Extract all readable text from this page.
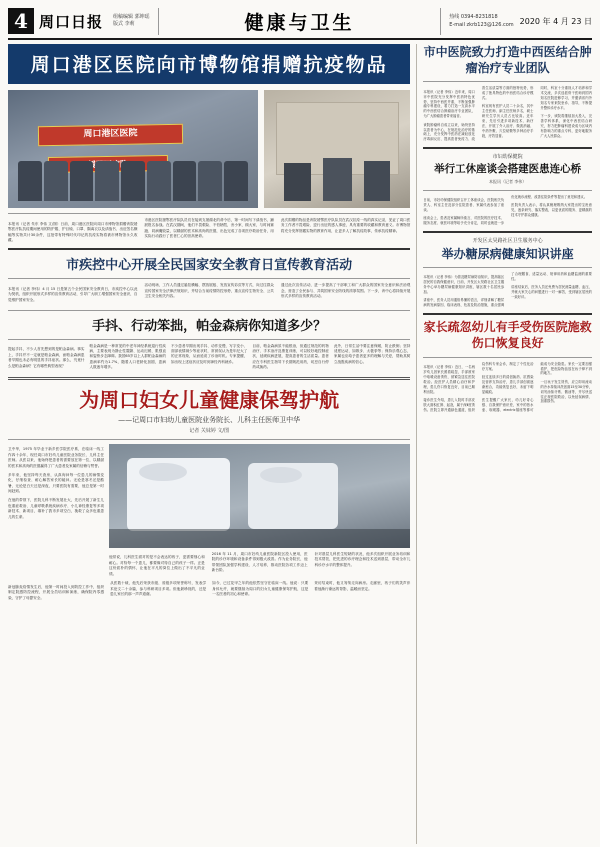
4 周口日报 组稿编辑 郭坤瑶
版式 李莉	健康与卫生	热线 0394-8231818
E-mail zkrb123@126.com 2020 年 4 月 23 日
周口港区医院向市博物馆捐赠抗疫物品
周口港区医院

本报讯（记者 朱东 李伟 文/图）日前，周口港区医院向周口市博物馆捐赠该院援鄂医疗队抗疫期间使用的防护服、护目镜、口罩、隔离衣以及请战书、出征签名横幅等实物共计30余件，这批带有特殊时代印记的抗疫实物将被市博物馆永久收藏。

市港区医院援鄂医疗队队员们在接到支援湖北的命令后，第一时间写下请战书，踊跃报名参战。在武汉期间，他们不畏艰险、不怕牺牲，舍小家、顾大家，与时间赛跑、同病魔较量，以精湛的医术和高尚的医德，出色完成了各项医疗救治任务，用实际行动践行了医者仁心的崇高使命。

此次捐赠的物品是该院援鄂医疗队队员在武汉抗疫一线的真实记录，见证了周口医务工作者不畏艰险、逆行出征的感人事迹，具有重要的收藏和教育意义。市博物馆将充分发挥馆藏实物的教育作用，让更多人了解抗疫故事，传承抗疫精神。

市疾控中心开展全民国家安全教育日宣传教育活动

本报讯（记者 李伟）4 月 15 日是第五个全民国家安全教育日，市疾控中心以此为契机，组织开展形式多样的宣传教育活动，引导广大职工增强国家安全意识，自觉维护国家安全。

活动现场，工作人员通过悬挂横幅、摆放展板、发放宣传彩页等方式，向过往群众宣传国家安全法律法规知识，并结合当前疫情防控形势，重点宣传生物安全、公共卫生安全相关内容。

通过此次宣传活动，进一步提高了干部职工和广大群众的国家安全意识和法治观念，营造了全民参与、共筑国家安全防线的浓厚氛围。下一步，该中心将持续开展形式多样的宣传教育活动。

手抖、行动笨拙，帕金森病你知道多少？

提起手抖，不少人首先想到的是帕金森病。事实上，手抖并不一定就是帕金森病，而帕金森病患者早期也未必有明显的手抖症状。那么，究竟什么是帕金森病？它有哪些典型表现？

帕金森病是一种常见的中老年神经系统退行性疾病，主要表现为静止性震颤、运动迟缓、肌强直和姿势步态障碍。我国65岁以上人群帕金森病的患病率约为1.7%，随着人口老龄化加剧，患病人数逐年增多。

不少患者早期出现手抖、动作变慢、写字变小、面部表情减少等症状时，常被误认为是年纪大了的正常现象，从而延误了诊治时机。专家提醒，如出现上述症状应及时到神经内科就诊。

目前，帕金森病虽不能根治，但通过规范的药物治疗、手术治疗及康复训练，可以较好地控制症状，延缓疾病进展，提高患者的生活质量。患者应在专科医生指导下长期规范用药，切忌自行停药或换药。

此外，日常生活中要注意保暖，防止跌倒；坚持适度运动，如散步、太极拳等；保持乐观心态，家属也应给予患者更多的理解与关爱，帮助其树立战胜疾病的信心。

为周口妇女儿童健康保驾护航
——记周口市妇幼儿童医院业务院长、儿科主任医师卫中华
记者 关妹婷 文/图

卫中华，1975 年毕业于新乡医学院医疗系，在临床一线工作四十余年，现任周口市妇幼儿童医院业务院长、儿科主任医师。从医以来，他始终把患者的需要放在第一位，以精湛的医术和高尚的医德赢得了广大患者及家属的信赖与赞誉。

多年来，他坚持每天查房，认真询问每一位患儿的病情变化，仔细检查、耐心解答家长的疑问。无论是寒冬还是酷暑，无论是白天还是深夜，只要医院有需要，他总是第一时间赶到。

在他的带领下，医院儿科不断发展壮大，先后开展了新生儿危重症救治、儿童呼吸系统疾病诊疗、小儿神经康复等多项新技术、新项目，填补了我市多项空白，挽救了众多危重患儿的生命。

他常说，儿科医生面对的是不会表达的孩子，更需要细心和耐心。对待每一个患儿，都要像对待自己的孩子一样。正是这份质朴的情怀，让他在平凡的岗位上做出了不平凡的业绩。

2016 年 11 月，周口市妇幼儿童医院新院区投入使用，医院的诊疗环境和设备条件得到极大改善。作为业务院长，他带领团队加强学科建设、人才培养，推动医院各项工作迈上新台阶。

针对基层儿科医生短缺的状况，他多次组织开展业务培训和技术帮扶，把先进的诊疗理念和技术送到基层，带动全市儿科诊疗水平的整体提升。

新冠肺炎疫情发生后，他第一时间投入到防控工作中，组织制定院感防控流程，开展全员培训和演练，确保院内零感染，守护了母婴安全。

从医数十载，他先后荣获市级、省级多项荣誉称号，发表学术论文二十余篇，参与科研项目多项。但他最珍视的，还是患儿家长的那一声声道谢。

如今，已过花甲之年的他依然坚守在临床一线。他说：只要身体允许，就要继续为周口的妇女儿童健康保驾护航，这是一名医者的初心和使命。

采访结束时，他又匆匆走向病房。走廊里，孩子们的笑声伴着他渐行渐远的背影，温暖而坚定。

市中医院致力打造中西医结合肿瘤治疗专业团队

本报讯（记者 李伟）近年来，周口市中医院充分发挥中医药特色优势，坚持中西医并重，不断加强肿瘤专科建设，着力打造一支高水平的中西医结合肿瘤治疗专业团队，为广大肿瘤患者带来福音。

该院肿瘤科自成立以来，始终坚持以患者为中心，在规范化治疗的基础上，充分发挥中医药在减轻放化疗毒副反应、提高患者免疫力、改善生活质量等方面的独特优势，形成了独具特色的中西医结合诊疗模式。

科室现有医护人员二十余名，其中主任医师、副主任医师多名，硕士研究生学历人员占比较高。近年来，先后引进多项新技术、新疗法，开展了介入治疗、微波消融、中药外敷、穴位贴敷等多种治疗手段，疗效显著。

同时，科室十分重视人才培养和学术交流，多次选派骨干医师到国内知名医院进修学习，并邀请省内外知名专家来院坐诊、指导，不断提升整体诊疗水平。

下一步，该院将继续加大投入，完善学科体系，深化中西医结合研究，努力把肿瘤科建设成为区域内有影响力的重点专科，更好地服务广大人民群众。

市妇幼保健院
举行工休座谈会搭建医患连心桥
本报讯（记者 李伟）

日前，市妇幼保健院组织召开工休座谈会，医院相关负责人、科室主任及部分住院患者、家属代表参加了座谈。

座谈会上，患者及家属畅所欲言，对医院的医疗技术、服务态度、就医环境等给予充分肯定，同时也就进一步优化就诊流程、改善住院条件等提出了意见和建议。

医院负责人表示，将认真梳理吸纳大家提出的宝贵意见，逐条研究、落实整改，以更优质的服务、更精湛的技术守护群众健康。

开发区太昊路社区卫生服务中心
举办糖尿病健康知识讲座

本报讯（记者 李伟）为普及糖尿病防治知识，提高辖区居民的自我保健意识，日前，开发区太昊路社区卫生服务中心举办糖尿病健康知识讲座，辖区数十名居民参加。

讲座中，医务人员用通俗易懂的语言，详细讲解了糖尿病的发病原因、临床表现、危害及防治措施，重点强调了合理膳食、适量运动、规律用药和血糖监测的重要性。

讲座结束后，医务人员还免费为居民测量血糖、血压，并就大家关心的问题进行一对一解答，受到辖区居民的一致好评。

家长疏忽幼儿有手受伤医院施救伤口恢复良好

本报讯（记者 李伟）近日，一名两岁幼儿因家长照看疏忽，手部被家中取暖设备烫伤，被紧急送往医院救治。经医护人员精心治疗和护理，患儿伤口恢复良好，目前已顺利出院。

接诊医生介绍，患儿入院时手部皮肤大面积红肿、起泡，属于深Ⅱ度烫伤。医院立即开通绿色通道，组织烧伤科专家会诊，制定了个性化治疗方案。

经过连续多日的清创换药、抗感染及营养支持治疗，患儿手部创面逐渐愈合，功能恢复良好，未留下明显瘢痕。

医生提醒广大家长，幼儿好奇心强、自我保护意识差，家中的热水壶、取暖器、electric插座等都可能成为安全隐患。家长一定要加强看护，把危险物品放在孩子够不到的地方。

一旦孩子发生烫伤，应立即用流动的冷水持续冲洗创面15至30分钟，切勿涂抹牙膏、酱油等，并尽快送往正规医院救治，以免延误病情、加重损伤。
